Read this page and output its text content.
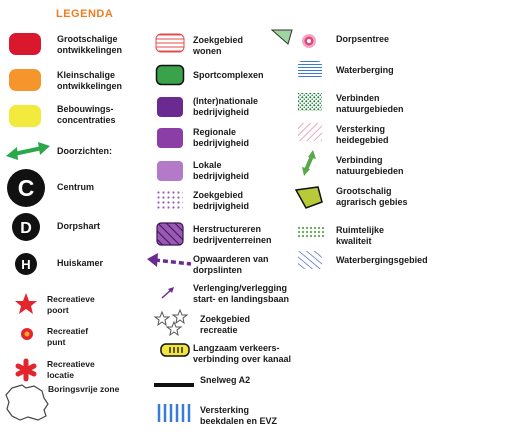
LEGENDA
Grootschalige
ontwikkelingen
Kleinschalige
ontwikkelingen
Bebouwings-
concentraties
Doorzichten:
C	Centrum
D	Dorpshart
H	Huiskamer
Recreatieve
poort
Recreatief
punt
Recreatieve
locatie
Boringsvrije zone
Zoekgebied
wonen
Sportcomplexen
(Inter)nationale
bedrijvigheid
Regionale
bedrijvigheid
Lokale
bedrijvigheid
Zoekgebied
bedrijvigheid
Herstructureren
bedrijventerreinen
Opwaarderen van
dorpslinten
Verlenging/verlegging
start- en landingsbaan
Zoekgebied
recreatie
Langzaam verkeers-
verbinding over kanaal
Snelweg A2
Versterking
beekdalen en EVZ
Dorpsentree
Waterberging
Verbinden
natuurgebieden
Versterking
heidegebied
Verbinding
natuurgebieden
Grootschalig
agrarisch gebies
Ruimtelijke
kwaliteit
Waterbergingsgebied
